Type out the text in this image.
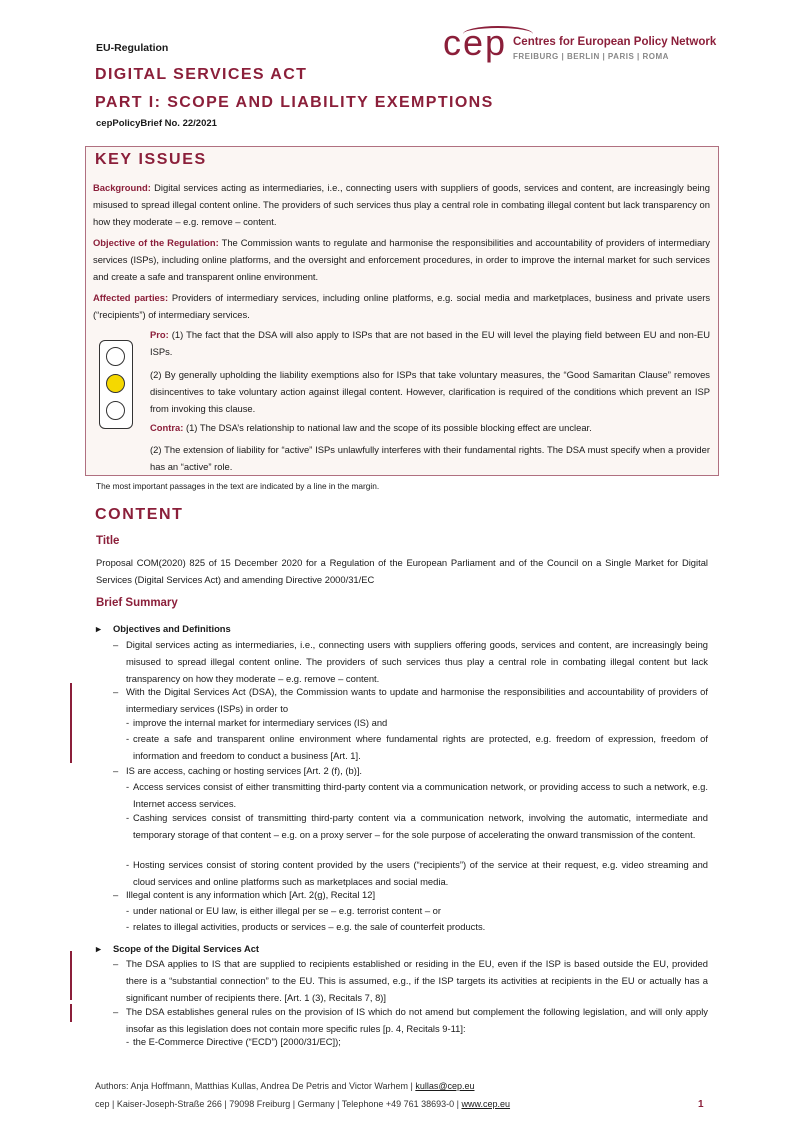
EU-Regulation	cep Centres for European Policy Network
FREIBURG | BERLIN | PARIS | ROMA
DIGITAL SERVICES ACT
PART I: SCOPE AND LIABILITY EXEMPTIONS
cepPolicyBrief No. 22/2021
KEY ISSUES
Background: Digital services acting as intermediaries, i.e., connecting users with suppliers of goods, services and content, are increasingly being misused to spread illegal content online. The providers of such services thus play a central role in combating illegal content but lack transparency on how they moderate – e.g. remove – content.
Objective of the Regulation: The Commission wants to regulate and harmonise the responsibilities and accountability of providers of intermediary services (ISPs), including online platforms, and the oversight and enforcement procedures, in order to improve the internal market for such services and create a safe and transparent online environment.
Affected parties: Providers of intermediary services, including online platforms, e.g. social media and marketplaces, business and private users (“recipients”) of intermediary services.
Pro: (1) The fact that the DSA will also apply to ISPs that are not based in the EU will level the playing field between EU and non-EU ISPs.
(2) By generally upholding the liability exemptions also for ISPs that take voluntary measures, the “Good Samaritan Clause” removes disincentives to take voluntary action against illegal content. However, clarification is required of the conditions which prevent an ISP from invoking this clause.
Contra: (1) The DSA’s relationship to national law and the scope of its possible blocking effect are unclear.
(2) The extension of liability for “active” ISPs unlawfully interferes with their fundamental rights. The DSA must specify when a provider has an “active” role.
The most important passages in the text are indicated by a line in the margin.
CONTENT
Title
Proposal COM(2020) 825 of 15 December 2020 for a Regulation of the European Parliament and of the Council on a Single Market for Digital Services (Digital Services Act) and amending Directive 2000/31/EC
Brief Summary
▸ Objectives and Definitions
– Digital services acting as intermediaries, i.e., connecting users with suppliers offering goods, services and content, are increasingly being misused to spread illegal content online. The providers of such services thus play a central role in combating illegal content but lack transparency on how they moderate – e.g. remove – content.
– With the Digital Services Act (DSA), the Commission wants to update and harmonise the responsibilities and accountability of providers of intermediary services (ISPs) in order to
- improve the internal market for intermediary services (IS) and
- create a safe and transparent online environment where fundamental rights are protected, e.g. freedom of expression, freedom of information and freedom to conduct a business [Art. 1].
– IS are access, caching or hosting services [Art. 2 (f), (b)].
- Access services consist of either transmitting third-party content via a communication network, or providing access to such a network, e.g. Internet access services.
- Cashing services consist of transmitting third-party content via a communication network, involving the automatic, intermediate and temporary storage of that content – e.g. on a proxy server – for the sole purpose of accelerating the onward transmission of the content.
- Hosting services consist of storing content provided by the users (“recipients”) of the service at their request, e.g. video streaming and cloud services and online platforms such as marketplaces and social media.
– Illegal content is any information which [Art. 2(g), Recital 12]
- under national or EU law, is either illegal per se – e.g. terrorist content – or
- relates to illegal activities, products or services – e.g. the sale of counterfeit products.
▸ Scope of the Digital Services Act
– The DSA applies to IS that are supplied to recipients established or residing in the EU, even if the ISP is based outside the EU, provided there is a “substantial connection” to the EU. This is assumed, e.g., if the ISP targets its activities at recipients in the EU or actually has a significant number of recipients there. [Art. 1 (3), Recitals 7, 8)]
– The DSA establishes general rules on the provision of IS which do not amend but complement the following legislation, and will only apply insofar as this legislation does not contain more specific rules [p. 4, Recitals 9-11]:
- the E-Commerce Directive (“ECD”) [2000/31/EC]);
Authors: Anja Hoffmann, Matthias Kullas, Andrea De Petris and Victor Warhem | kullas@cep.eu
cep | Kaiser-Joseph-Straße 266 | 79098 Freiburg | Germany | Telephone +49 761 38693-0 | www.cep.eu	1
